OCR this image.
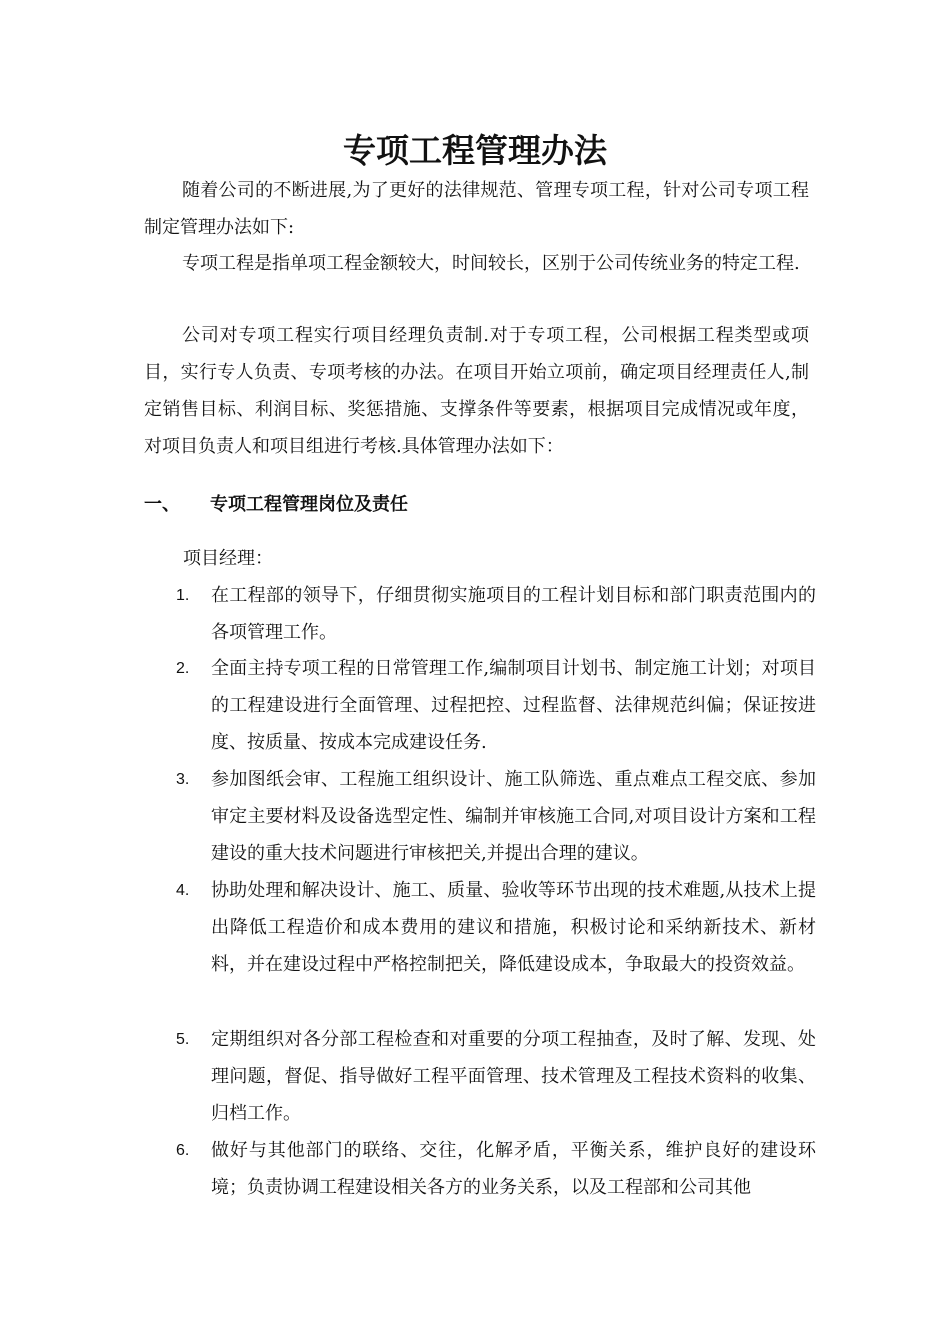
专项工程管理办法

随着公司的不断进展,为了更好的法律规范、管理专项工程，针对公司专项工程制定管理办法如下:

专项工程是指单项工程金额较大，时间较长，区别于公司传统业务的特定工程.

公司对专项工程实行项目经理负责制.对于专项工程，公司根据工程类型或项目，实行专人负责、专项考核的办法。在项目开始立项前，确定项目经理责任人,制定销售目标、利润目标、奖惩措施、支撑条件等要素，根据项目完成情况或年度，对项目负责人和项目组进行考核.具体管理办法如下：

一、 专项工程管理岗位及责任
项目经理：
1.	在工程部的领导下，仔细贯彻实施项目的工程计划目标和部门职责范围内的各项管理工作。
2.	全面主持专项工程的日常管理工作,编制项目计划书、制定施工计划；对项目的工程建设进行全面管理、过程把控、过程监督、法律规范纠偏；保证按进度、按质量、按成本完成建设任务.
3.	参加图纸会审、工程施工组织设计、施工队筛选、重点难点工程交底、参加审定主要材料及设备选型定性、编制并审核施工合同,对项目设计方案和工程建设的重大技术问题进行审核把关,并提出合理的建议。
4.	协助处理和解决设计、施工、质量、验收等环节出现的技术难题,从技术上提出降低工程造价和成本费用的建议和措施，积极讨论和采纳新技术、新材料，并在建设过程中严格控制把关，降低建设成本，争取最大的投资效益。
5.	定期组织对各分部工程检查和对重要的分项工程抽查，及时了解、发现、处理问题，督促、指导做好工程平面管理、技术管理及工程技术资料的收集、归档工作。
6.	做好与其他部门的联络、交往，化解矛盾，平衡关系，维护良好的建设环境；负责协调工程建设相关各方的业务关系，以及工程部和公司其他
